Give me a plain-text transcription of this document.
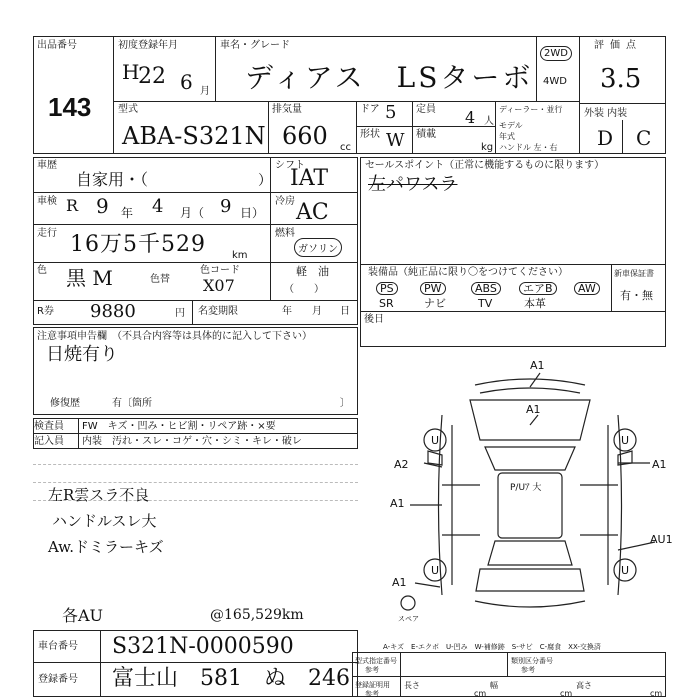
出品番号
143
初度登録年月
H
22 6 月
車名・グレード
ディアス　LSターボ
2WD
4WD
評価点
3.5
型式
ABA-S321N
排気量
660 cc
ドア 5 定員 4 人
形状 W 積載
kg
ディーラー・並行
モデル年式
ハンドル 左・右
外装 内装
D C
車歴
自家用・（	）
車検 R 9 年 4 月（ 9 日）
走行 16万5千529	km
色 黒 M	色替
色コード
X07
R券 9880	円 名変期限	年 月 日
シフト
IAT
冷房 AC
燃料
ガソリン
軽　油
（　　）
セールスポイント（正常に機能するものに限ります）
左パワスラ
装備品（純正品に限り〇をつけてください）
PS	PW	ABS	エアB	AW
SR	ナビ	TV	本革
新車保証書
有・無
後日
注意事項申告欄　（不具合内容等は具体的に記入して下さい）
日焼有り
修復歴	有〔箇所	〕
検査員 FW　キズ・凹み・ヒビ割・リペア跡・×要
記入員 内装　汚れ・スレ・コゲ・穴・シミ・キレ・破レ
左R雲スラ不良
ハンドルスレ大
Aw.ドミラーキズ
各AU	@165,529km
車台番号 S321N-0000590
登録番号 富士山　581　ぬ　246
A-キズ　E-エクボ　U-凹み　W-補修跡　S-サビ　C-腐食　XX-交換済
型式指定番号
参考
類別区分番号
参考
登録証明用
参考
長さ
cm
幅
cm
高さ
cm
A1
A1
U	U
A2	A1
A1
P/Uｱ 大
AU1
U	U
A1
スペア
